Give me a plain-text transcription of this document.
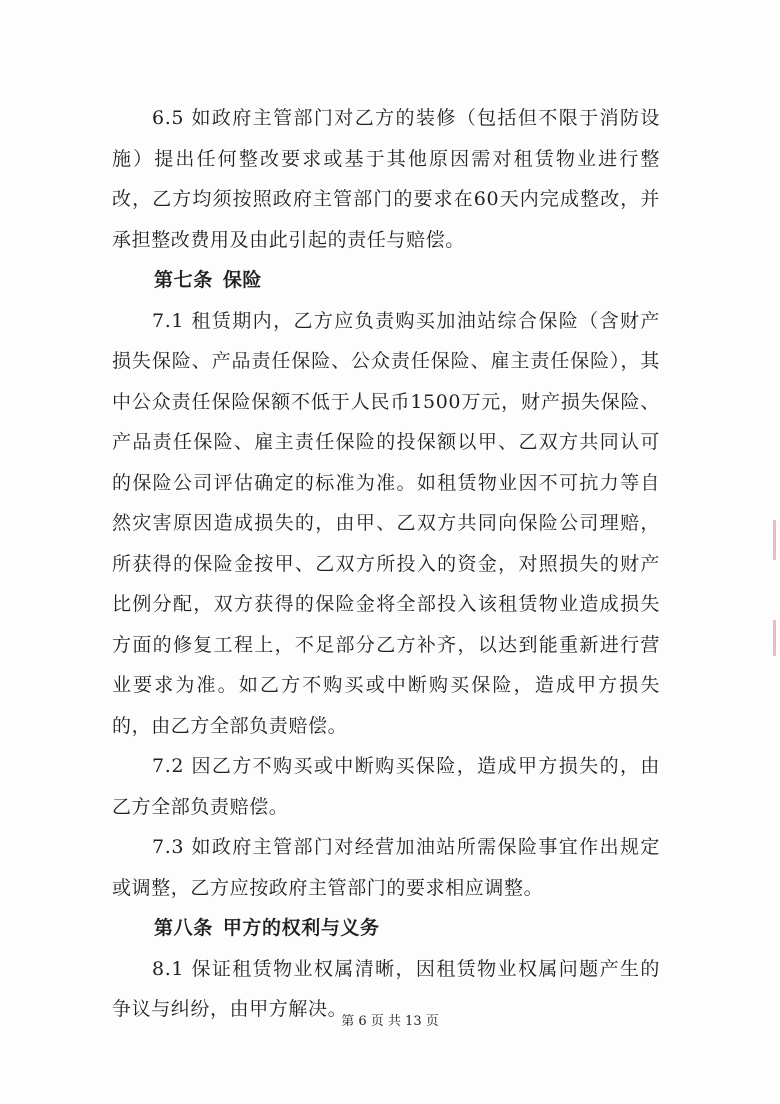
6.5 如政府主管部门对乙方的装修（包括但不限于消防设施）提出任何整改要求或基于其他原因需对租赁物业进行整改，乙方均须按照政府主管部门的要求在60天内完成整改，并承担整改费用及由此引起的责任与赔偿。

第七条 保险

7.1 租赁期内，乙方应负责购买加油站综合保险（含财产损失保险、产品责任保险、公众责任保险、雇主责任保险），其中公众责任保险保额不低于人民币1500万元，财产损失保险、产品责任保险、雇主责任保险的投保额以甲、乙双方共同认可的保险公司评估确定的标准为准。如租赁物业因不可抗力等自然灾害原因造成损失的，由甲、乙双方共同向保险公司理赔，所获得的保险金按甲、乙双方所投入的资金，对照损失的财产比例分配，双方获得的保险金将全部投入该租赁物业造成损失方面的修复工程上，不足部分乙方补齐，以达到能重新进行营业要求为准。如乙方不购买或中断购买保险，造成甲方损失的，由乙方全部负责赔偿。

7.2 因乙方不购买或中断购买保险，造成甲方损失的，由乙方全部负责赔偿。

7.3 如政府主管部门对经营加油站所需保险事宜作出规定或调整，乙方应按政府主管部门的要求相应调整。

第八条 甲方的权利与义务

8.1 保证租赁物业权属清晰，因租赁物业权属问题产生的争议与纠纷，由甲方解决。

第 6 页 共 13 页
